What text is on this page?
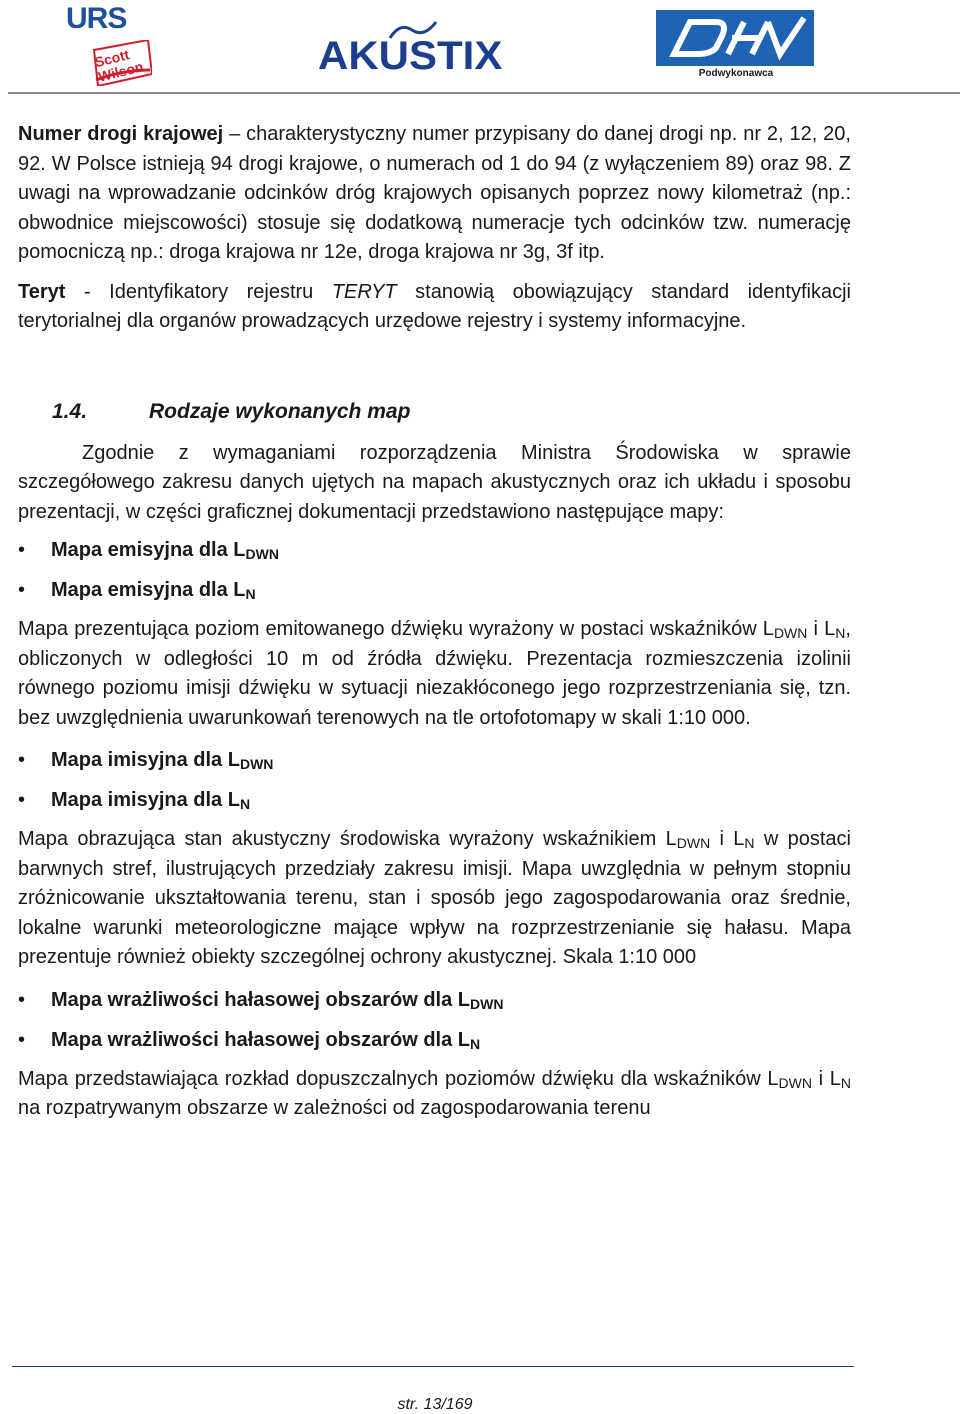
URS
Scott Wilson	AKUSTIX	Podwykonawca

Numer drogi krajowej – charakterystyczny numer przypisany do danej drogi np. nr 2, 12, 20, 92. W Polsce istnieją 94 drogi krajowe, o numerach od 1 do 94 (z wyłączeniem 89) oraz 98. Z uwagi na wprowadzanie odcinków dróg krajowych opisanych poprzez nowy kilometraż (np.: obwodnice miejscowości) stosuje się dodatkową numeracje tych odcinków tzw. numerację pomocniczą np.: droga krajowa nr 12e, droga krajowa nr 3g, 3f itp.

Teryt - Identyfikatory rejestru TERYT stanowią obowiązujący standard identyfikacji terytorialnej dla organów prowadzących urzędowe rejestry i systemy informacyjne.

1.4.	Rodzaje wykonanych map

Zgodnie z wymaganiami rozporządzenia Ministra Środowiska w sprawie szczegółowego zakresu danych ujętych na mapach akustycznych oraz ich układu i sposobu prezentacji, w części graficznej dokumentacji przedstawiono następujące mapy:

• Mapa emisyjna dla $L_{DWN}$
• Mapa emisyjna dla $L_N$

Mapa prezentująca poziom emitowanego dźwięku wyrażony w postaci wskaźników $L_{DWN}$ i $L_N$, obliczonych w odległości 10 m od źródła dźwięku. Prezentacja rozmieszczenia izolinii równego poziomu imisji dźwięku w sytuacji niezakłóconego jego rozprzestrzeniania się, tzn. bez uwzględnienia uwarunkowań terenowych na tle ortofotomapy w skali 1:10 000.

• Mapa imisyjna dla $L_{DWN}$
• Mapa imisyjna dla $L_N$

Mapa obrazująca stan akustyczny środowiska wyrażony wskaźnikiem $L_{DWN}$ i $L_N$ w postaci barwnych stref, ilustrujących przedziały zakresu imisji. Mapa uwzględnia w pełnym stopniu zróżnicowanie ukształtowania terenu, stan i sposób jego zagospodarowania oraz średnie, lokalne warunki meteorologiczne mające wpływ na rozprzestrzenianie się hałasu. Mapa prezentuje również obiekty szczególnej ochrony akustycznej. Skala 1:10 000

• Mapa wrażliwości hałasowej obszarów dla $L_{DWN}$
• Mapa wrażliwości hałasowej obszarów dla $L_N$

Mapa przedstawiająca rozkład dopuszczalnych poziomów dźwięku dla wskaźników $L_{DWN}$ i $L_N$ na rozpatrywanym obszarze w zależności od zagospodarowania terenu

str. 13/169
